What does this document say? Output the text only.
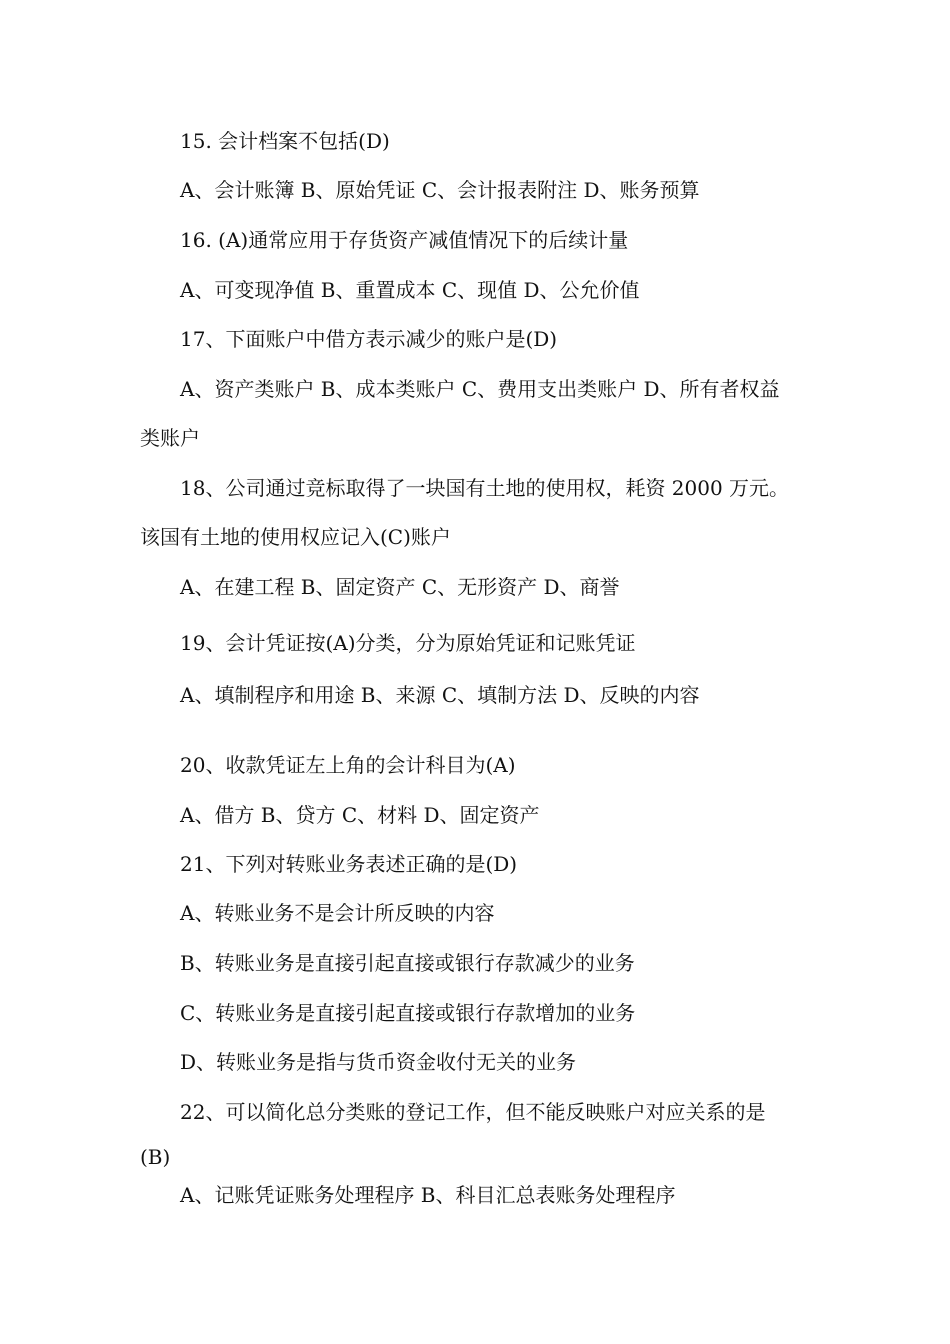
15. 会计档案不包括(D)
A、会计账簿 B、原始凭证 C、会计报表附注 D、账务预算
16. (A)通常应用于存货资产减值情况下的后续计量
A、可变现净值 B、重置成本 C、现值 D、公允价值
17、下面账户中借方表示减少的账户是(D)
A、资产类账户 B、成本类账户 C、费用支出类账户 D、所有者权益
类账户
18、公司通过竞标取得了一块国有土地的使用权，耗资 2000 万元。
该国有土地的使用权应记入(C)账户
A、在建工程 B、固定资产 C、无形资产 D、商誉
19、会计凭证按(A)分类，分为原始凭证和记账凭证
A、填制程序和用途 B、来源 C、填制方法 D、反映的内容
20、收款凭证左上角的会计科目为(A)
A、借方 B、贷方 C、材料 D、固定资产
21、下列对转账业务表述正确的是(D)
A、转账业务不是会计所反映的内容
B、转账业务是直接引起直接或银行存款减少的业务
C、转账业务是直接引起直接或银行存款增加的业务
D、转账业务是指与货币资金收付无关的业务
22、可以简化总分类账的登记工作，但不能反映账户对应关系的是
(B)
A、记账凭证账务处理程序 B、科目汇总表账务处理程序
